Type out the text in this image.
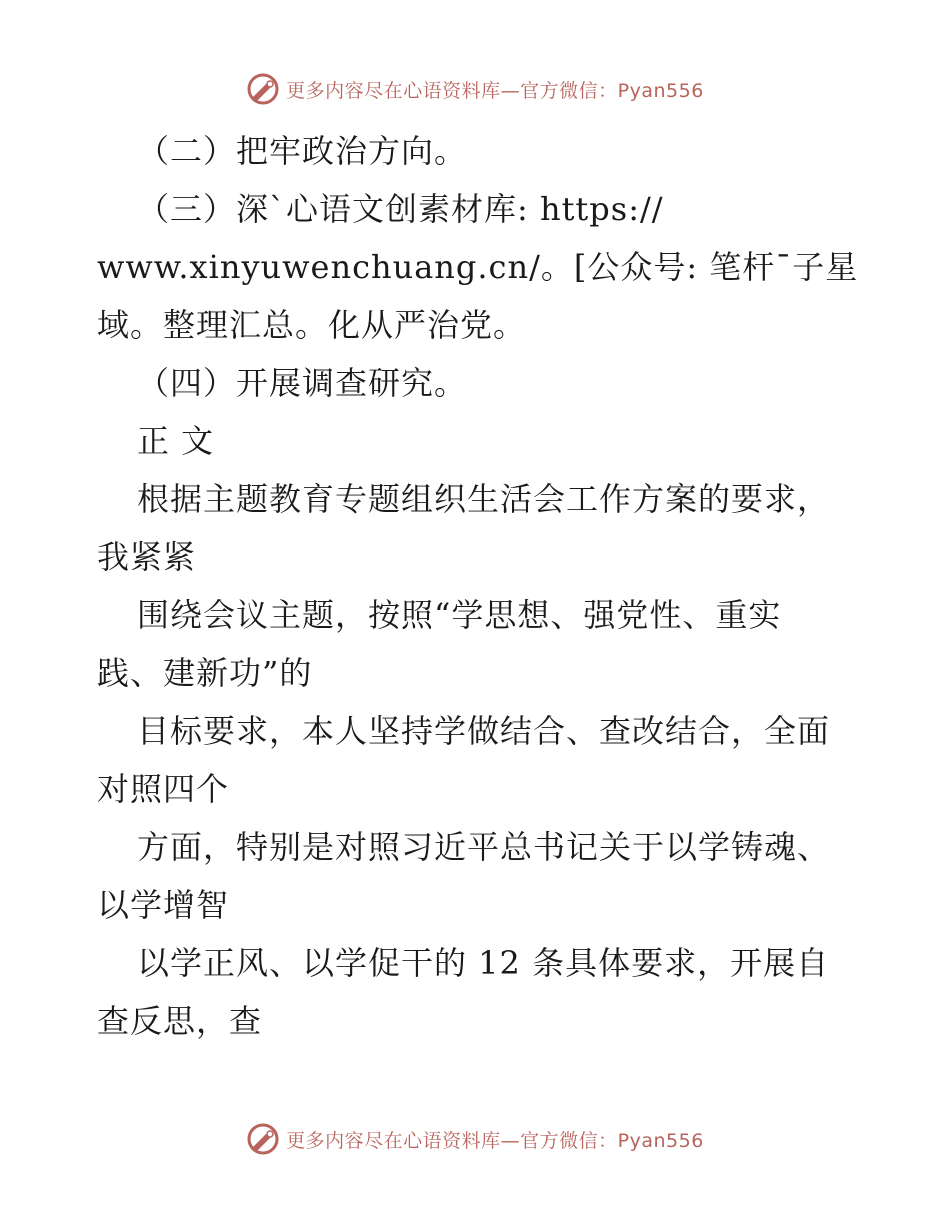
更多内容尽在心语资料库—官方微信：Pyan556
（二）把牢政治方向。
（三）深`心语文创素材库: https://
www.xinyuwenchuang.cn/。[公众号: 笔杆¯子星
域。整理汇总。化从严治党。
（四）开展调查研究。
正 文
根据主题教育专题组织生活会工作方案的要求，
我紧紧
围绕会议主题，按照“学思想、强党性、重实
践、建新功”的
目标要求，本人坚持学做结合、查改结合，全面
对照四个
方面，特别是对照习近平总书记关于以学铸魂、
以学增智
以学正风、以学促干的 12 条具体要求，开展自
查反思，查
更多内容尽在心语资料库—官方微信：Pyan556
